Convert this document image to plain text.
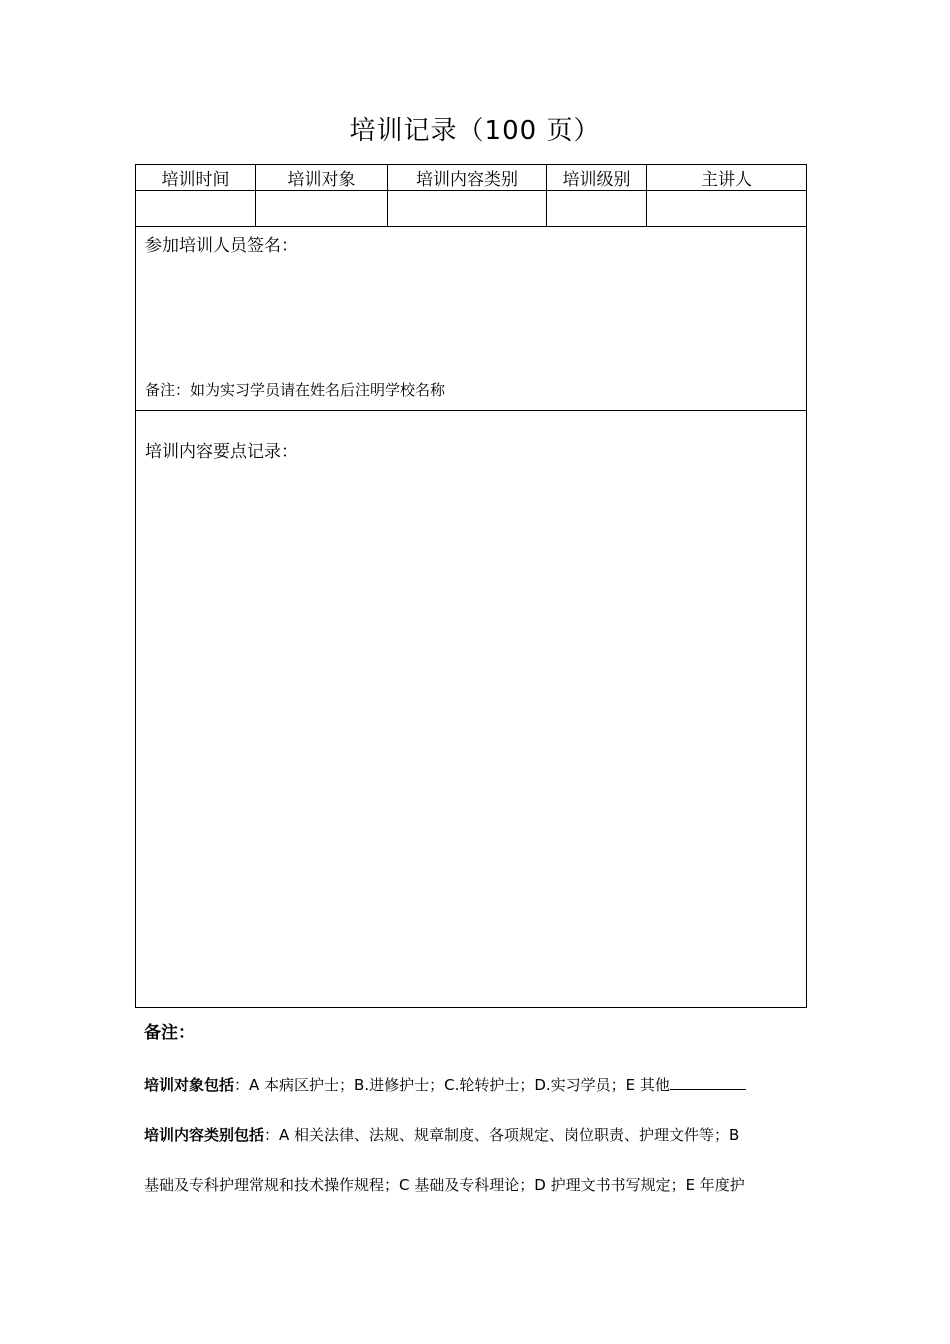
培训记录（100 页）
培训时间	培训对象	培训内容类别	培训级别	主讲人

参加培训人员签名：
备注：如为实习学员请在姓名后注明学校名称				

培训内容要点记录：				
备注：
培训对象包括：A 本病区护士；B.进修护士；C.轮转护士；D.实习学员；E 其他
培训内容类别包括：A 相关法律、法规、规章制度、各项规定、岗位职责、护理文件等；B
基础及专科护理常规和技术操作规程；C 基础及专科理论；D 护理文书书写规定；E 年度护
